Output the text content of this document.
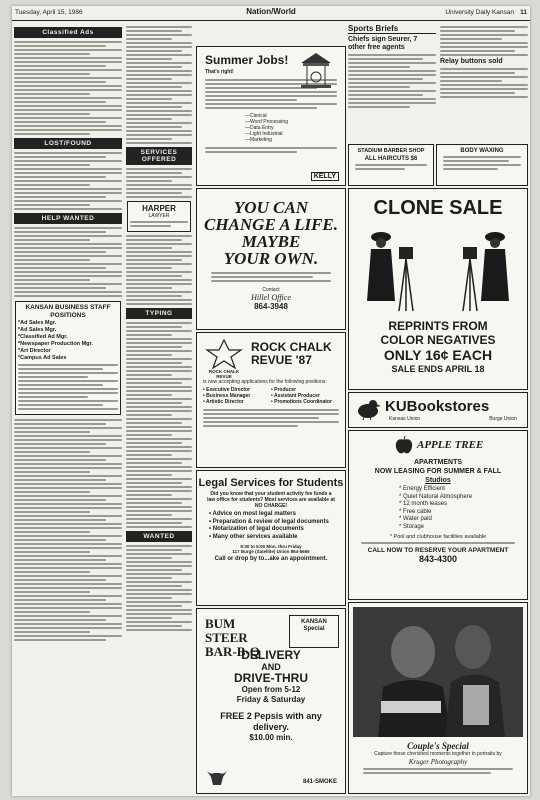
Tuesday, April 15, 1986	Nation/World	University Daily Kansan 11
Classified Ads
LOST/FOUND
HELP WANTED
KANSAN BUSINESS STAFF POSITIONS
*Ad Sales Mgr.
*Ad Sales Mgr.
*Classified Ad Mgr.
*Newspaper Production Mgr.
*Art Director
*Campus Ad Sales
SERVICES OFFERED
HARPER
LAWYER
TYPING
WANTED
Summer Jobs!
That's right!
—Clerical
—Word Processing
—Data Entry
—Light Industrial
—Marketing
KELLY
YOU CAN
CHANGE A LIFE.
MAYBE
YOUR OWN.
Contact
Hillel Office
864-3948
ROCK CHALK REVUE
ROCK CHALK REVUE '87
is now accepting applications for the following positions:
• Executive Director	• Producer
• Business Manager	• Assistant Producer
• Artistic Director	• Promotions Coordinator
Legal Services for Students
Did you know that your student activity fee funds a law office for students? Most services are available at NO CHARGE!
• Advice on most legal matters
• Preparation & review of legal documents
• Notarization of legal documents
• Many other services available
9:30 to 5:00 Mon. thru Friday
117 Burge (Satellite) Union 864-5665
Call or drop by to...ake an appointment.
BUM STEER BAR-B-Q
KANSAN Special
DELIVERY
AND
DRIVE-THRU
Open from 5-12
Friday & Saturday
FREE 2 Pepsis with any delivery.
$10.00 min.
841-SMOKE
Sports Briefs
Chiefs sign Seurer, 7 other free agents
Relay buttons sold
STADIUM BARBER SHOP
ALL HAIRCUTS $6
BODY WAXING
CLONE SALE
REPRINTS FROM
COLOR NEGATIVES
ONLY 16¢ EACH
SALE ENDS APRIL 18
KUBookstores
Kansas Union	Burge Union
APPLE TREE
APARTMENTS
NOW LEASING FOR SUMMER & FALL
Studios
* Energy Efficient
* Quiet Natural Atmosphere
* 12 month leases
* Free cable
* Water paid
* Storage
* Pool and clubhouse facilities available
CALL NOW TO RESERVE YOUR APARTMENT
843-4300
Couple's Special
Capture those cherished moments together in portraits by
Kruger Photography
